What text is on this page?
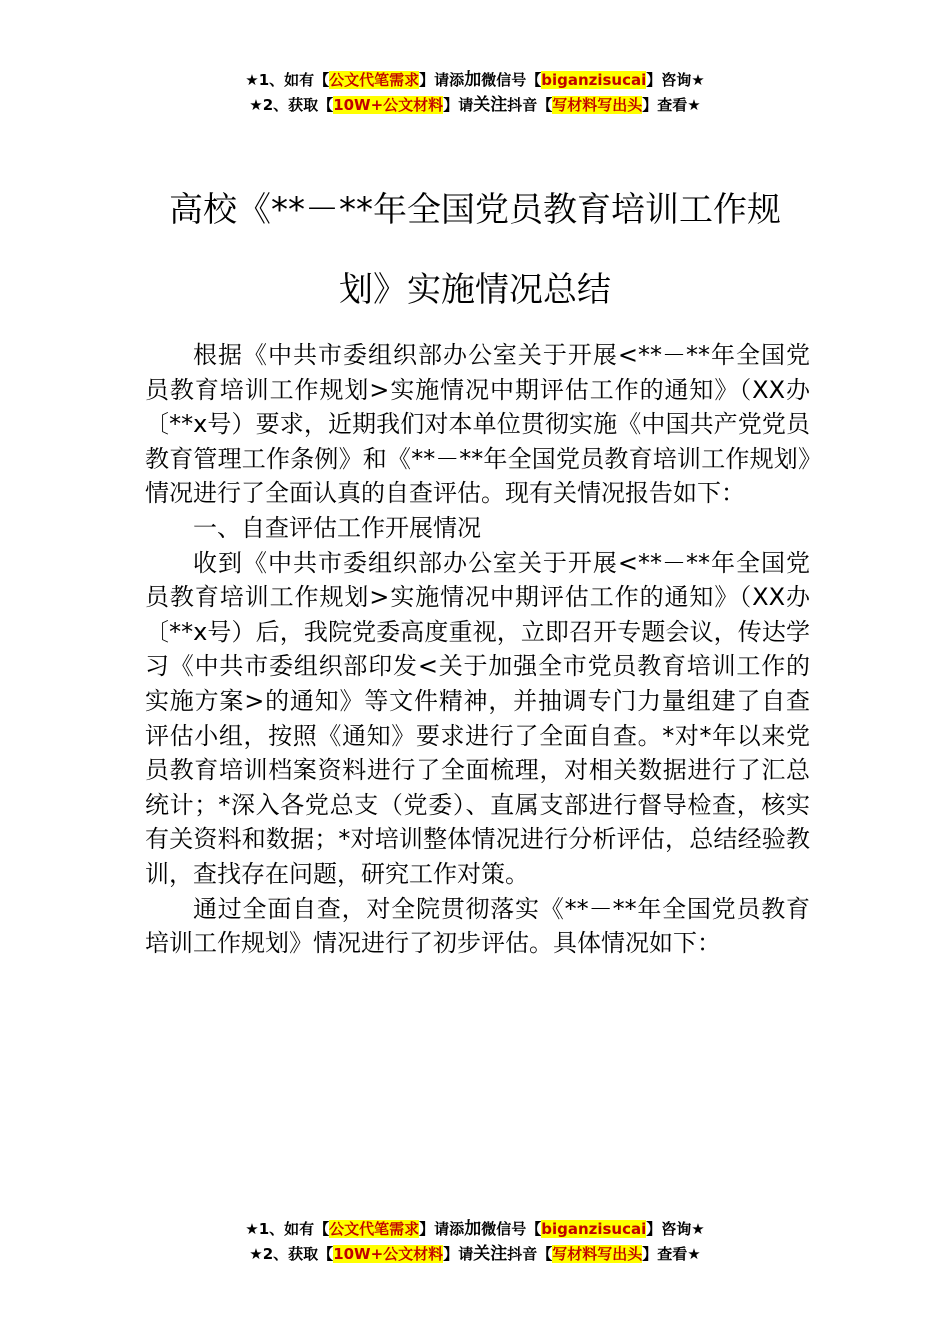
★1、如有【公文代笔需求】请添加微信号【biganzisucai】咨询★
★2、获取【10W+公文材料】请关注抖音【写材料写出头】查看★
高校《**－**年全国党员教育培训工作规
划》实施情况总结

根据《中共市委组织部办公室关于开展<**－**年全国党员教育培训工作规划>实施情况中期评估工作的通知》（XX办〔**x号）要求，近期我们对本单位贯彻实施《中国共产党党员教育管理工作条例》和《**－**年全国党员教育培训工作规划》情况进行了全面认真的自查评估。现有关情况报告如下：

一、自查评估工作开展情况

收到《中共市委组织部办公室关于开展<**－**年全国党员教育培训工作规划>实施情况中期评估工作的通知》（XX办〔**x号）后，我院党委高度重视，立即召开专题会议，传达学习《中共市委组织部印发<关于加强全市党员教育培训工作的实施方案>的通知》等文件精神，并抽调专门力量组建了自查评估小组，按照《通知》要求进行了全面自查。*对*年以来党员教育培训档案资料进行了全面梳理，对相关数据进行了汇总统计；*深入各党总支（党委）、直属支部进行督导检查，核实有关资料和数据；*对培训整体情况进行分析评估，总结经验教训，查找存在问题，研究工作对策。

通过全面自查，对全院贯彻落实《**－**年全国党员教育培训工作规划》情况进行了初步评估。具体情况如下：

★1、如有【公文代笔需求】请添加微信号【biganzisucai】咨询★
★2、获取【10W+公文材料】请关注抖音【写材料写出头】查看★
